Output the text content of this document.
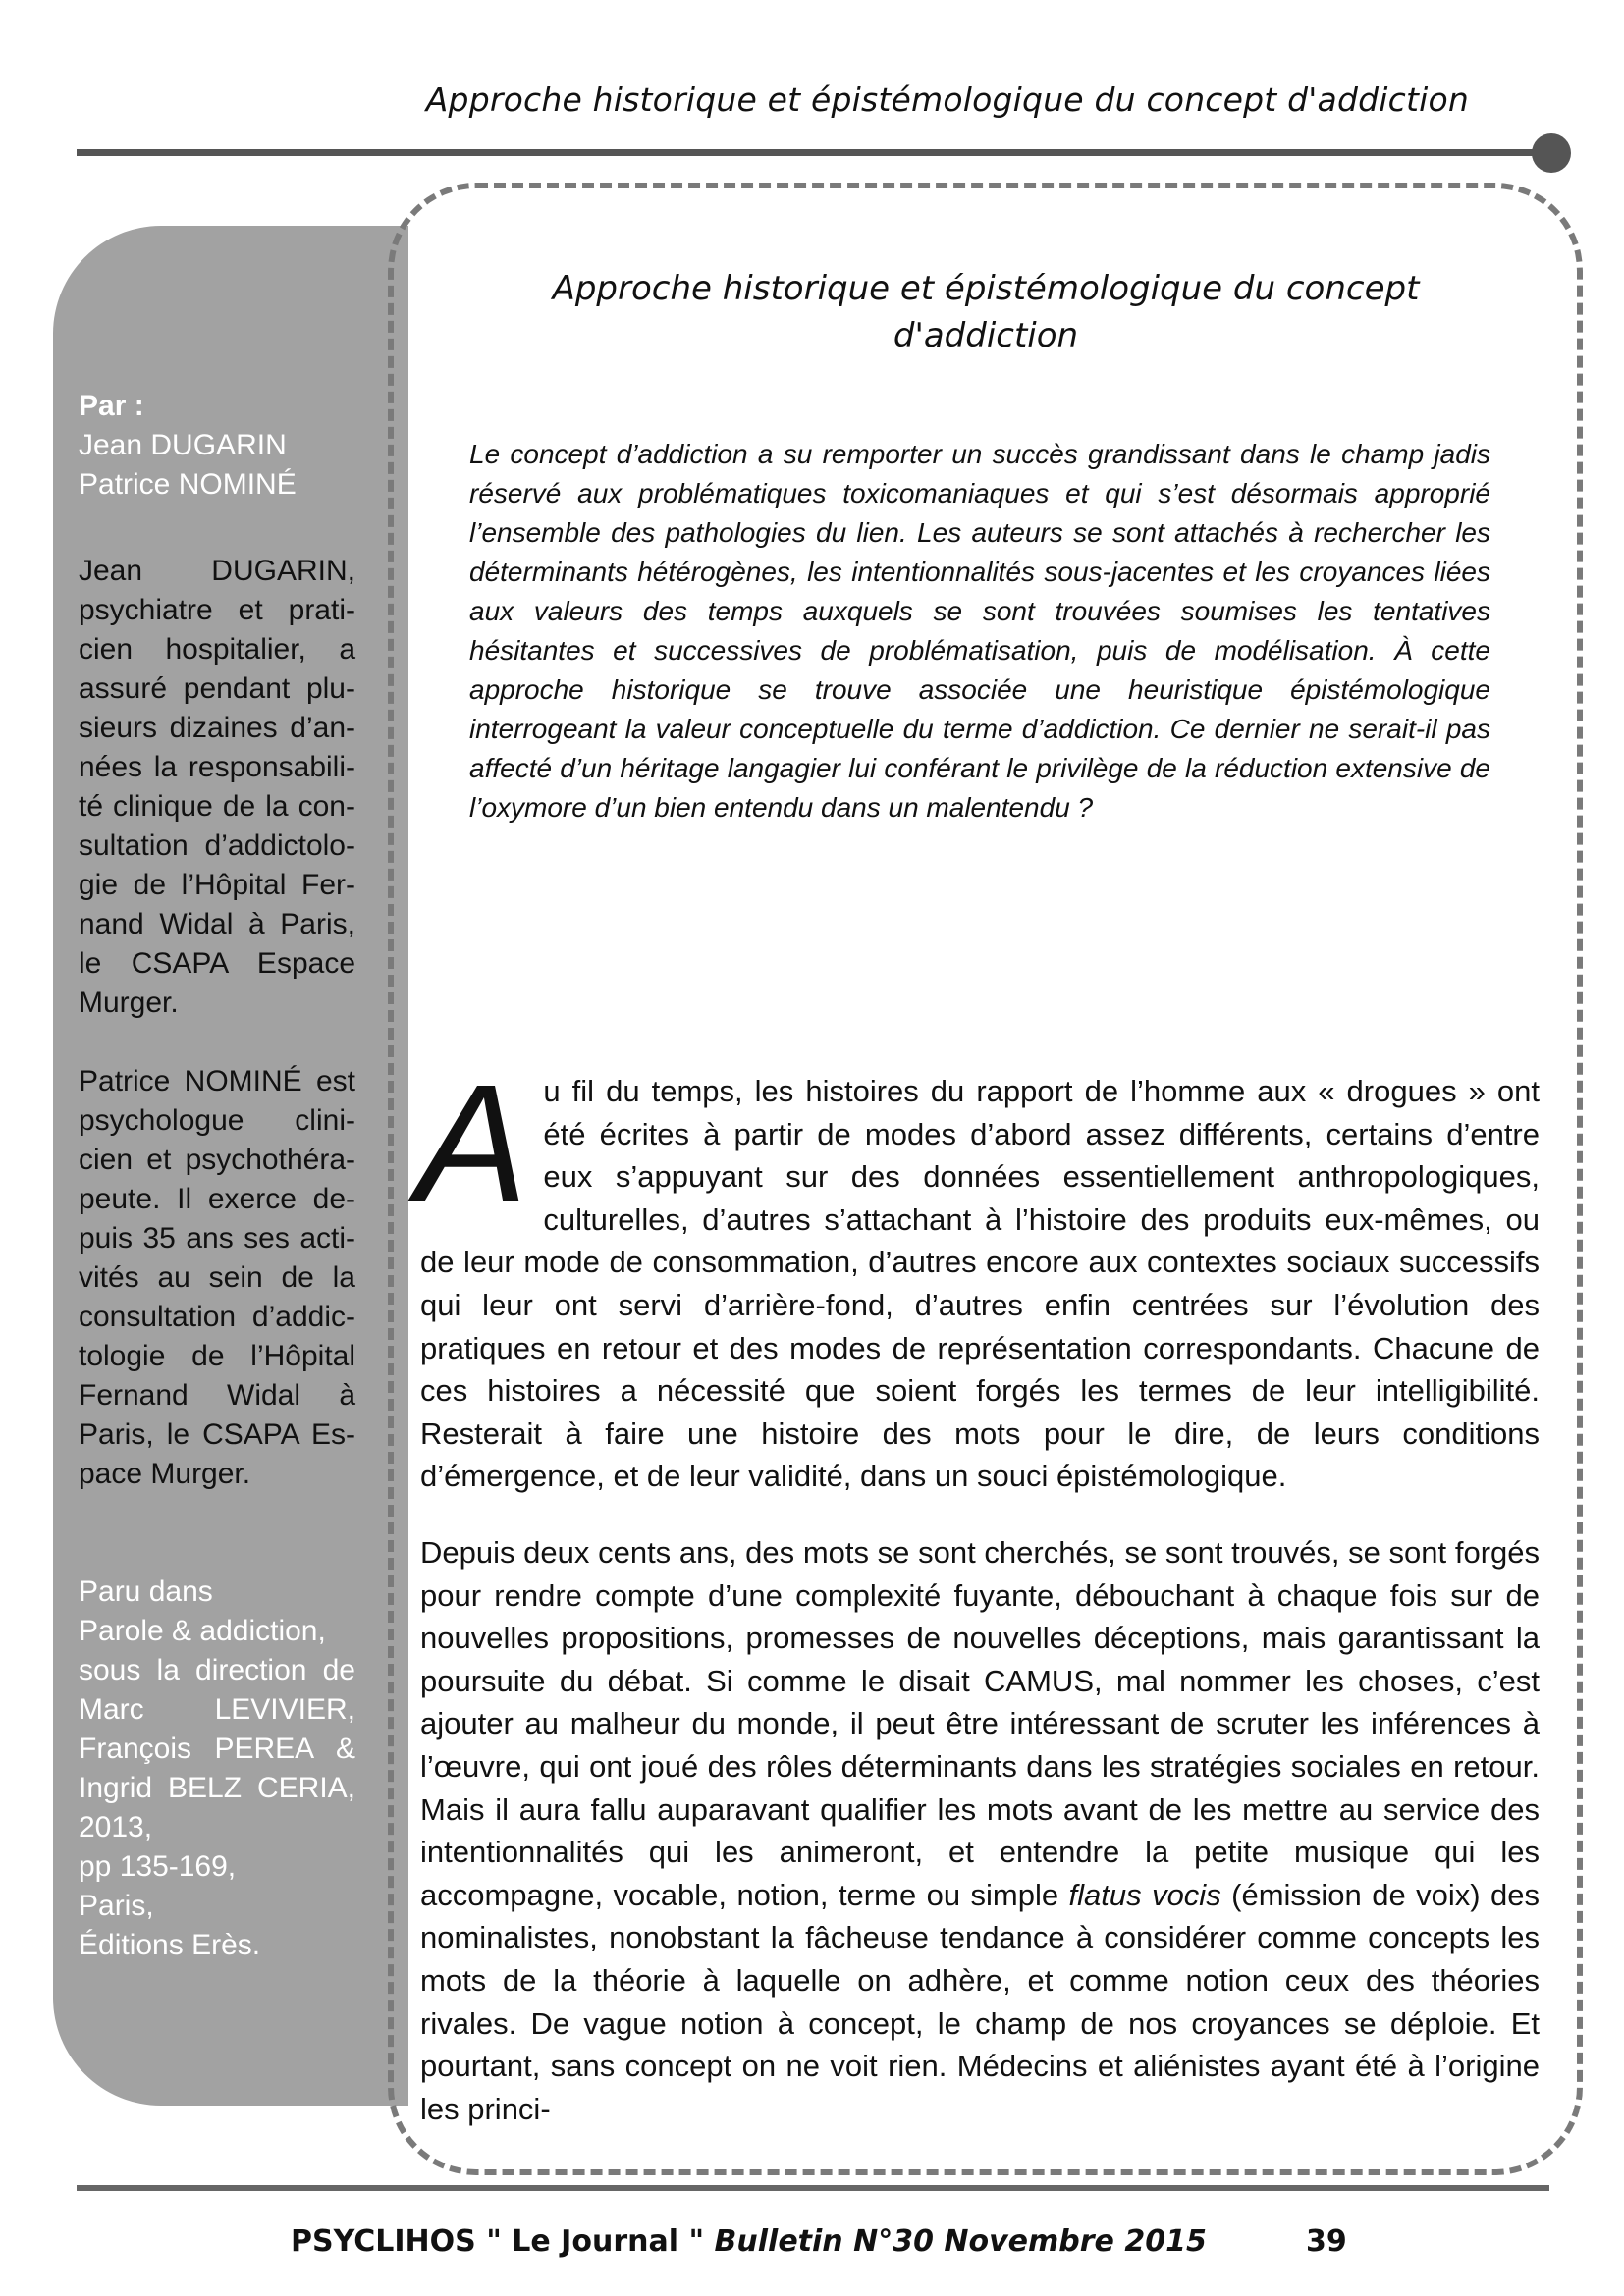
Approche historique et épistémologique du concept d'addiction
Par :
Jean DUGARIN
Patrice NOMINÉ
Jean DUGARIN, psychiatre et praticien hospitalier, a assuré pendant plusieurs dizaines d’années la responsabilité clinique de la consultation d’addictologie de l’Hôpital Fernand Widal à Paris, le CSAPA Espace Murger.
Patrice NOMINÉ est psychologue clinicien et psychothérapeute. Il exerce depuis 35 ans ses activités au sein de la consultation d’addictologie de l’Hôpital Fernand Widal à Paris, le CSAPA Espace Murger.
Paru dans
Parole & addiction,
sous la direction de Marc LEVIVIER, François PEREA & Ingrid BELZ CERIA,
2013,
pp 135-169,
Paris,
Éditions Erès.
Approche historique et épistémologique du concept d'addiction

Le concept d’addiction a su remporter un succès grandissant dans le champ jadis réservé aux problématiques toxicomaniaques et qui s’est désormais approprié l’ensemble des pathologies du lien. Les auteurs se sont attachés à rechercher les déterminants hétérogènes, les intentionnalités sous-jacentes et les croyances liées aux valeurs des temps auxquels se sont trouvées soumises les tentatives hésitantes et successives de problématisation, puis de modélisation. À cette approche historique se trouve associée une heuristique épistémologique interrogeant la valeur conceptuelle du terme d’addiction. Ce dernier ne serait-il pas affecté d’un héritage langagier lui conférant le privilège de la réduction extensive de l’oxymore d’un bien entendu dans un malentendu ?

Au fil du temps, les histoires du rapport de l’homme aux « drogues » ont été écrites à partir de modes d’abord assez différents, certains d’entre eux s’appuyant sur des données essentiellement anthropologiques, culturelles, d’autres s’attachant à l’histoire des produits eux-mêmes, ou de leur mode de consommation, d’autres encore aux contextes sociaux successifs qui leur ont servi d’arrière-fond, d’autres enfin centrées sur l’évolution des pratiques en retour et des modes de représentation correspondants. Chacune de ces histoires a nécessité que soient forgés les termes de leur intelligibilité. Resterait à faire une histoire des mots pour le dire, de leurs conditions d’émergence, et de leur validité, dans un souci épistémologique.

Depuis deux cents ans, des mots se sont cherchés, se sont trouvés, se sont forgés pour rendre compte d’une complexité fuyante, débouchant à chaque fois sur de nouvelles propositions, promesses de nouvelles déceptions, mais garantissant la poursuite du débat. Si comme le disait CAMUS, mal nommer les choses, c’est ajouter au malheur du monde, il peut être intéressant de scruter les inférences à l’œuvre, qui ont joué des rôles déterminants dans les stratégies sociales en retour. Mais il aura fallu auparavant qualifier les mots avant de les mettre au service des intentionnalités qui les animeront, et entendre la petite musique qui les accompagne, vocable, notion, terme ou simple flatus vocis (émission de voix) des nominalistes, nonobstant la fâcheuse tendance à considérer comme concepts les mots de la théorie à laquelle on adhère, et comme notion ceux des théories rivales. De vague notion à concept, le champ de nos croyances se déploie. Et pourtant, sans concept on ne voit rien. Médecins et aliénistes ayant été à l’origine les princi-

PSYCLIHOS " Le Journal " Bulletin N°30 Novembre 2015	39
